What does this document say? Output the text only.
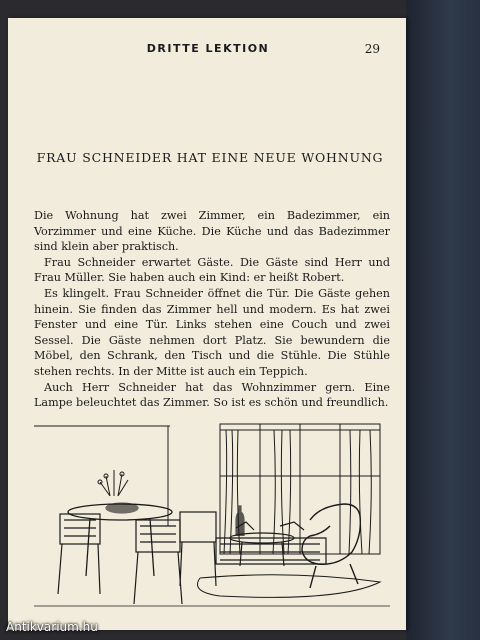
DRITTE LEKTION	29
FRAU SCHNEIDER HAT EINE NEUE WOHNUNG

Die Wohnung hat zwei Zimmer, ein Badezimmer, ein Vorzimmer und eine Küche. Die Küche und das Badezimmer sind klein aber praktisch.

Frau Schneider erwartet Gäste. Die Gäste sind Herr und Frau Müller. Sie haben auch ein Kind: er heißt Robert.

Es klingelt. Frau Schneider öffnet die Tür. Die Gäste gehen hinein. Sie finden das Zimmer hell und modern. Es hat zwei Fenster und eine Tür. Links stehen eine Couch und zwei Sessel. Die Gäste nehmen dort Platz. Sie bewundern die Möbel, den Schrank, den Tisch und die Stühle. Die Stühle stehen rechts. In der Mitte ist auch ein Teppich.

Auch Herr Schneider hat das Wohnzimmer gern. Eine Lampe beleuchtet das Zimmer. So ist es schön und freundlich.

Antikvarium.hu
